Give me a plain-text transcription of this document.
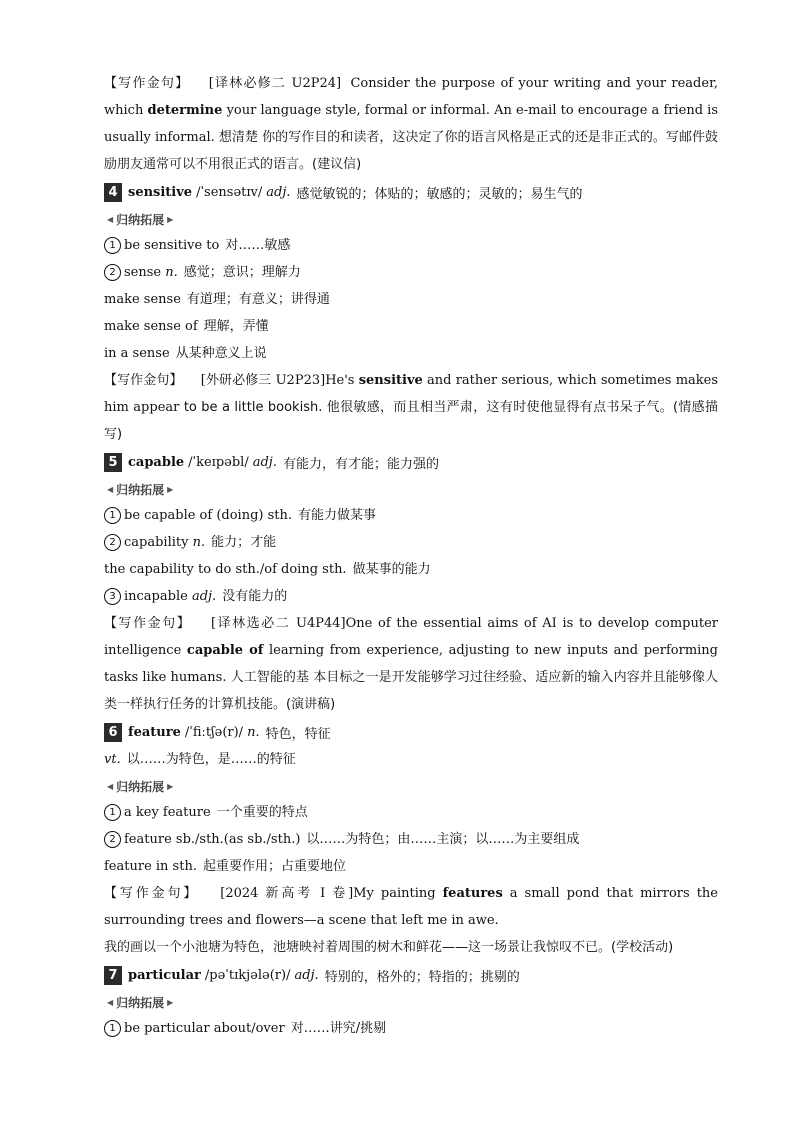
【写作金句】 [译林必修二 U2P24] Consider the purpose of your writing and your reader, which determine your language style, formal or informal. An e-mail to encourage a friend is usually informal. 想清楚 你的写作目的和读者，这决定了你的语言风格是正式的还是非正式的。写邮件鼓励朋友通常可以不用很正式的语言。(建议信)

4 sensitive /ˈsensətɪv/ adj. 感觉敏锐的；体贴的；敏感的；灵敏的；易生气的
◀ 归纳拓展 ▶
1 be sensitive to 对……敏感
2 sense n. 感觉；意识；理解力
make sense 有道理；有意义；讲得通
make sense of 理解，弄懂
in a sense 从某种意义上说

【写作金句】 [外研必修三 U2P23]He's sensitive and rather serious, which sometimes makes him appear to be a little bookish. 他很敏感，而且相当严肃，这有时使他显得有点书呆子气。(情感描写)

5 capable /ˈkeɪpəbl/ adj. 有能力，有才能；能力强的
◀ 归纳拓展 ▶
1 be capable of (doing) sth. 有能力做某事
2 capability n. 能力；才能
the capability to do sth./of doing sth. 做某事的能力
3 incapable adj. 没有能力的

【写作金句】 [译林选必二 U4P44]One of the essential aims of AI is to develop computer intelligence capable of learning from experience, adjusting to new inputs and performing tasks like humans. 人工智能的基 本目标之一是开发能够学习过往经验、适应新的输入内容并且能够像人类一样执行任务的计算机技能。(演讲稿)

6 feature /ˈfiːtʃə(r)/ n. 特色，特征
vt. 以……为特色，是……的特征
◀ 归纳拓展 ▶
1 a key feature 一个重要的特点
2 feature sb./sth.(as sb./sth.) 以……为特色；由……主演；以……为主要组成
feature in sth. 起重要作用；占重要地位

【写作金句】 [2024 新高考 I 卷]My painting features a small pond that mirrors the surrounding trees and flowers—a scene that left me in awe.

我的画以一个小池塘为特色，池塘映衬着周围的树木和鲜花——这一场景让我惊叹不已。(学校活动)

7 particular /pəˈtɪkjələ(r)/ adj. 特别的，格外的；特指的；挑剔的
◀ 归纳拓展 ▶
1 be particular about/over 对……讲究/挑剔
